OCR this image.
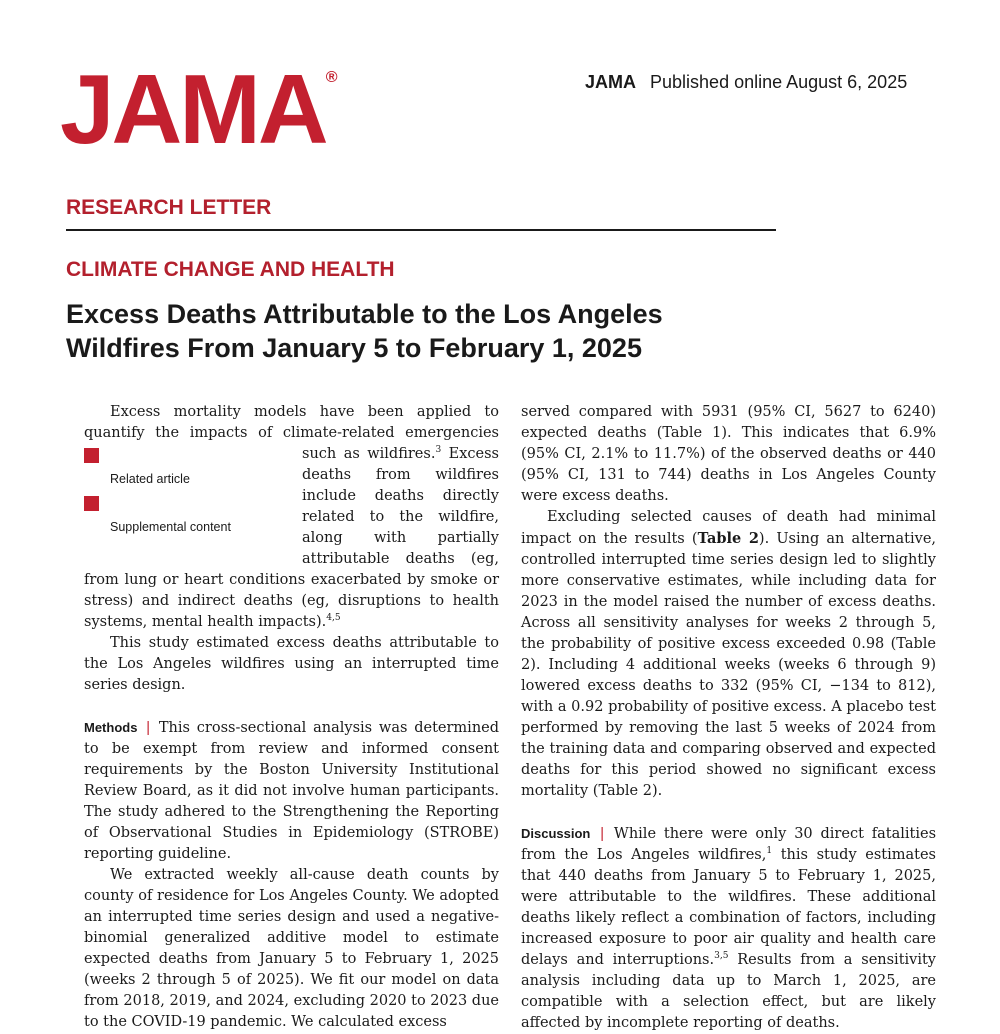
JAMA®	JAMA Published online August 6, 2025
RESEARCH LETTER
CLIMATE CHANGE AND HEALTH
Excess Deaths Attributable to the Los Angeles
Wildfires From January 5 to February 1, 2025

Excess mortality models have been applied to quantify the impacts of climate-related emergencies such as wildfires.$^3$
+
Related article
+
Supplemental content
Excess deaths from wildfires include deaths directly related to the wildfire, along with partially attributable deaths (eg, from lung or heart conditions exacerbated by smoke or stress) and indirect deaths (eg, disruptions to health systems, mental health impacts).$^{4,5}$

This study estimated excess deaths attributable to the Los Angeles wildfires using an interrupted time series design.

Methods | This cross-sectional analysis was determined to be exempt from review and informed consent requirements by the Boston University Institutional Review Board, as it did not involve human participants. The study adhered to the Strengthening the Reporting of Observational Studies in Epidemiology (STROBE) reporting guideline.

We extracted weekly all-cause death counts by county of residence for Los Angeles County. We adopted an interrupted time series design and used a negative-binomial generalized additive model to estimate expected deaths from January 5 to February 1, 2025 (weeks 2 through 5 of 2025). We fit our model on data from 2018, 2019, and 2024, excluding 2020 to 2023 due to the COVID-19 pandemic. We calculated excess

served compared with 5931 (95% CI, 5627 to 6240) expected deaths (Table 1). This indicates that 6.9% (95% CI, 2.1% to 11.7%) of the observed deaths or 440 (95% CI, 131 to 744) deaths in Los Angeles County were excess deaths.

Excluding selected causes of death had minimal impact on the results (Table 2). Using an alternative, controlled interrupted time series design led to slightly more conservative estimates, while including data for 2023 in the model raised the number of excess deaths. Across all sensitivity analyses for weeks 2 through 5, the probability of positive excess exceeded 0.98 (Table 2). Including 4 additional weeks (weeks 6 through 9) lowered excess deaths to 332 (95% CI, −134 to 812), with a 0.92 probability of positive excess. A placebo test performed by removing the last 5 weeks of 2024 from the training data and comparing observed and expected deaths for this period showed no significant excess mortality (Table 2).

Discussion | While there were only 30 direct fatalities from the Los Angeles wildfires,$^1$ this study estimates that 440 deaths from January 5 to February 1, 2025, were attributable to the wildfires. These additional deaths likely reflect a combination of factors, including increased exposure to poor air quality and health care delays and interruptions.$^{3,5}$ Results from a sensitivity analysis including data up to March 1, 2025, are compatible with a selection effect, but are likely affected by incomplete reporting of deaths.
